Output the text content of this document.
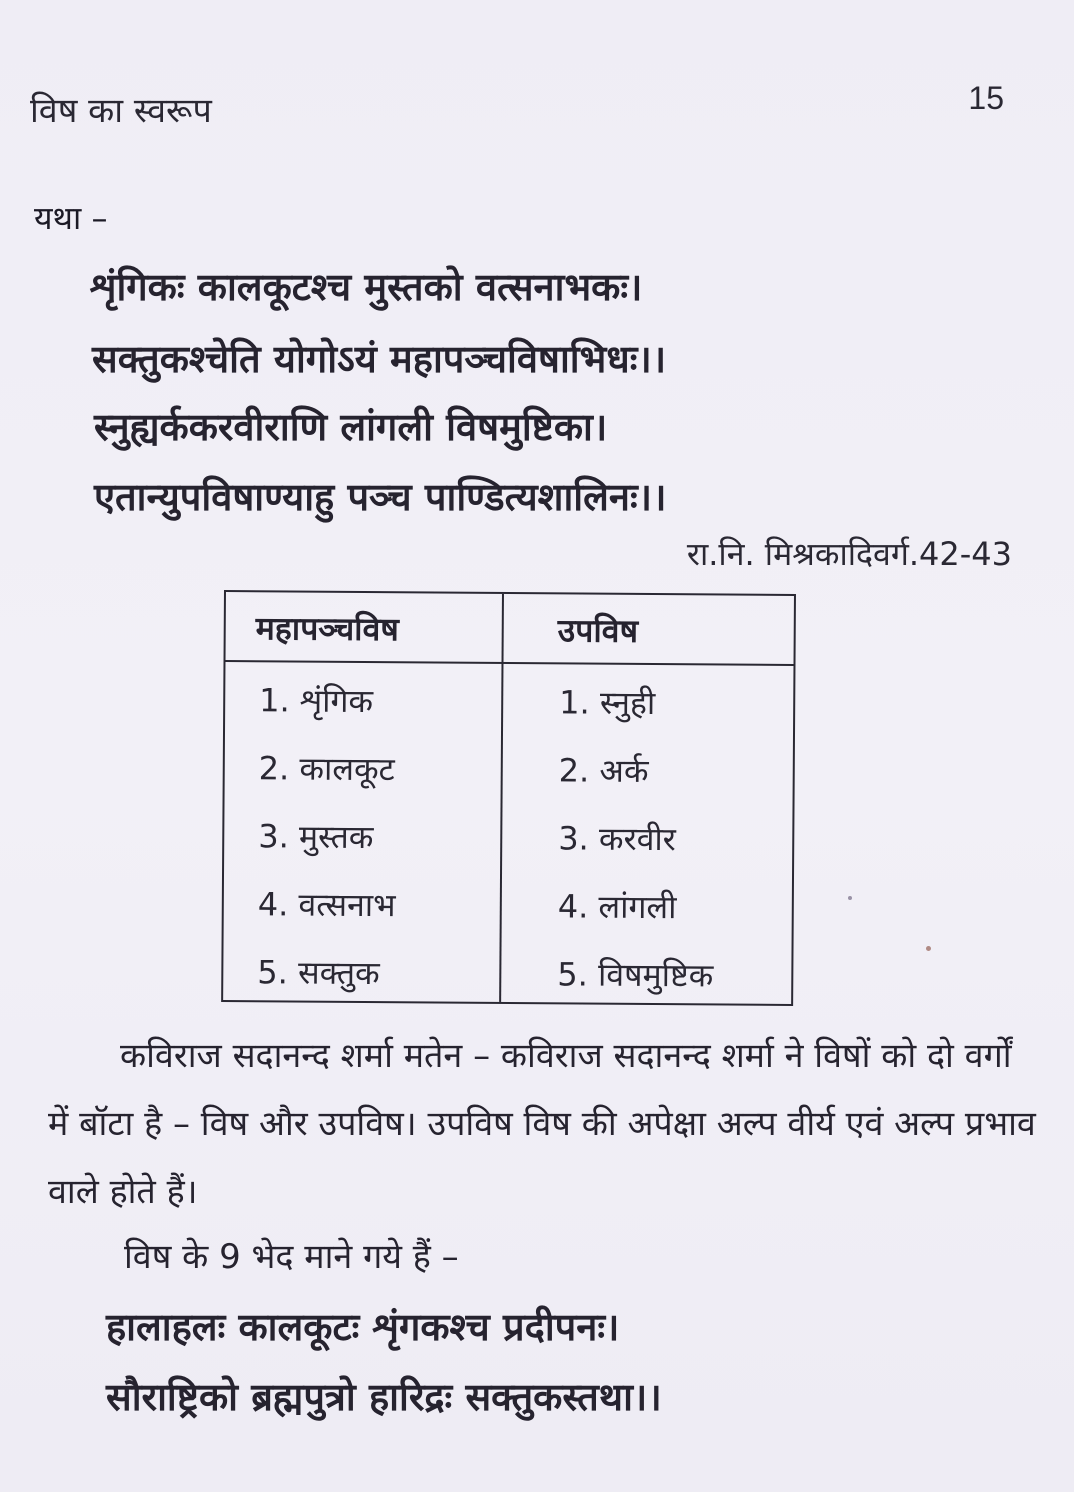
विष का स्वरूप	15
यथा –
शृंगिकः कालकूटश्च मुस्तको वत्सनाभकः।
सक्तुकश्चेति योगोऽयं महापञ्चविषाभिधः।।
स्नुह्यर्ककरवीराणि लांगली विषमुष्टिका।
एतान्युपविषाण्याहु पञ्च पाण्डित्यशालिनः।।
रा.नि. मिश्रकादिवर्ग.42-43
महापञ्चविष	उपविष
1. शृंगिक
2. कालकूट
3. मुस्तक
4. वत्सनाभ
5. सक्तुक
1. स्नुही
2. अर्क
3. करवीर
4. लांगली
5. विषमुष्टिक
कविराज सदानन्द शर्मा मतेन – कविराज सदानन्द शर्मा ने विषों को दो वर्गों में बॉटा है – विष और उपविष। उपविष विष की अपेक्षा अल्प वीर्य एवं अल्प प्रभाव वाले होते हैं।
विष के 9 भेद माने गये हैं –
हालाहलः कालकूटः शृंगकश्च प्रदीपनः।
सौराष्ट्रिको ब्रह्मपुत्रो हारिद्रः सक्तुकस्तथा।।
